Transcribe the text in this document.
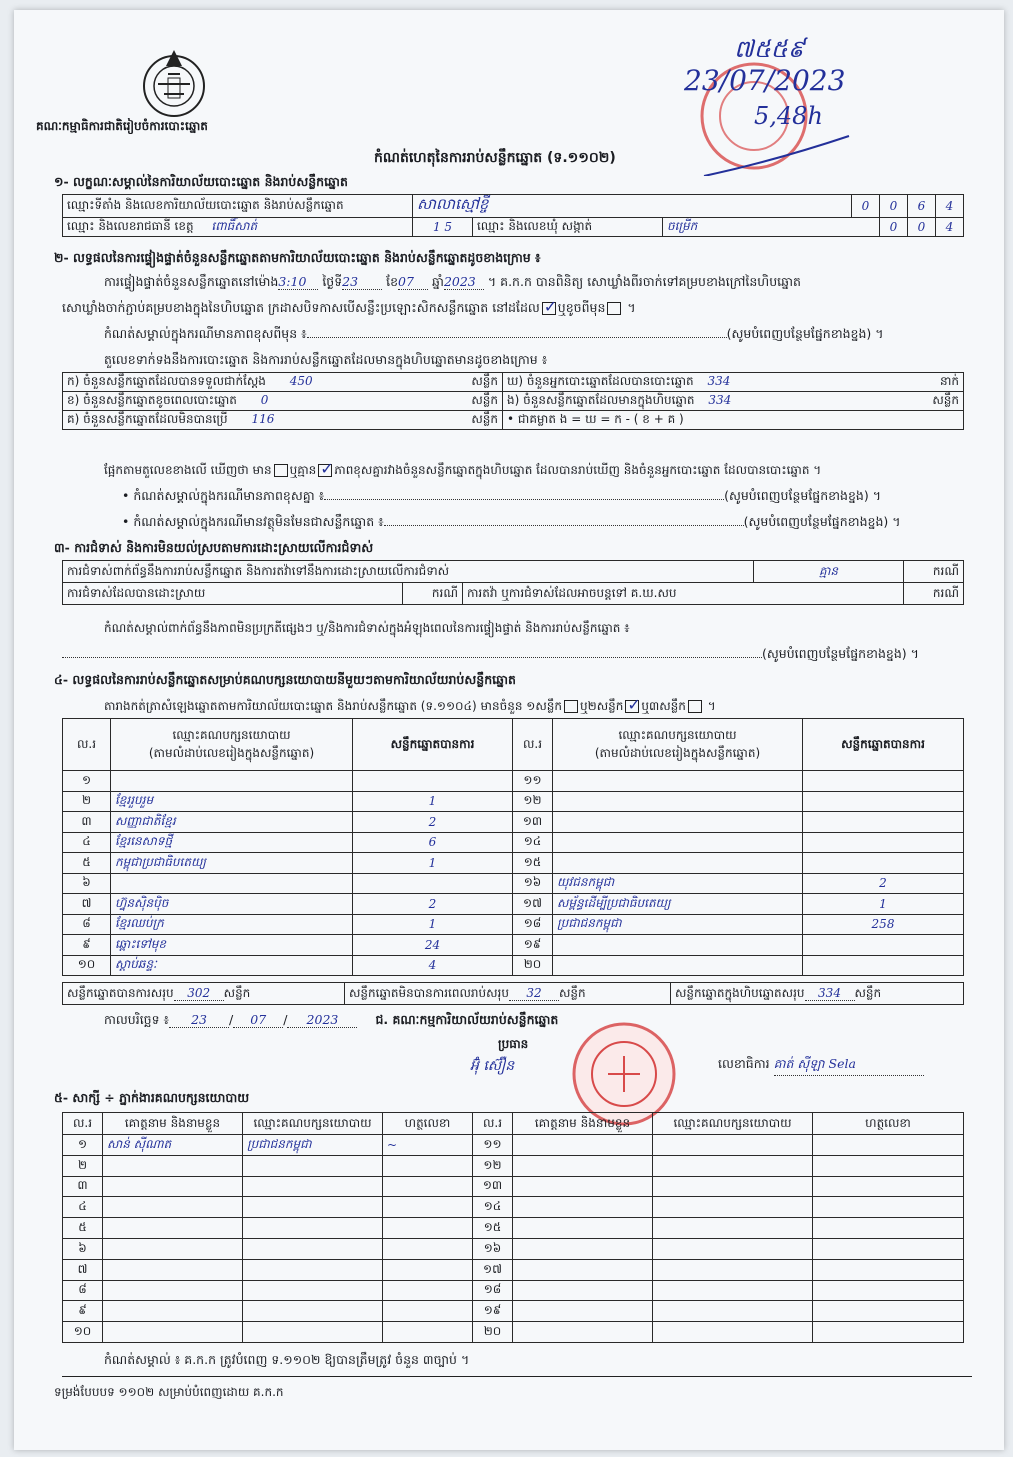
គណៈកម្មាធិការជាតិរៀបចំការបោះឆ្នោត
៧៥៥៩
23/07/2023
5,48h
កំណត់ហេតុនៃការរាប់សន្លឹកឆ្នោត (ទ.១១០២)
១- លក្ខណៈសម្គាល់នៃការិយាល័យបោះឆ្នោត និងរាប់សន្លឹកឆ្នោត
ឈ្មោះទីតាំង និងលេខការិយាល័យបោះឆ្នោត និងរាប់សន្លឹកឆ្នោត	សាលាស្មៅខ្ចី			0	0	6	4
ឈ្មោះ និងលេខរាជធានី ខេត្ត ពោធិ៍សាត់	1 5	ឈ្មោះ និងលេខឃុំ សង្កាត់	ចម្រើក		0	0	4
២- លទ្ធផលនៃការផ្ទៀងផ្ទាត់ចំនួនសន្លឹកឆ្នោតតាមការិយាល័យបោះឆ្នោត និងរាប់សន្លឹកឆ្នោតដូចខាងក្រោម ៖
ការផ្ទៀងផ្ទាត់ចំនួនសន្លឹកឆ្នោតនៅម៉ោង3:10 ថ្ងៃទី23 ខែ07 ឆ្នាំ2023 ។ គ.ក.ក បានពិនិត្យ សោឃ្លាំងពីរចាក់ទៅគម្របខាងក្រៅនៃហិបឆ្នោត
សោឃ្លាំងចាក់ភ្ជាប់គម្របខាងក្នុងនៃហិបឆ្នោត ក្រដាសបិទកាសបើសន្លឹះប្រឡោះសិកសន្លឹកឆ្នោត នៅដដែល ✓ ឬខូចពីមុន ។
កំណត់សម្គាល់ក្នុងករណីមានភាពខុសពីមុន ៖	(សូមបំពេញបន្ថែមផ្នែកខាងខ្នង) ។
តួលេខទាក់ទងនឹងការបោះឆ្នោត និងការរាប់សន្លឹកឆ្នោតដែលមានក្នុងហិបឆ្នោតមានដូចខាងក្រោម ៖
ក) ចំនួនសន្លឹកឆ្នោតដែលបានទទួលជាក់ស្តែង 450 សន្លឹក	ឃ) ចំនួនអ្នកបោះឆ្នោតដែលបានបោះឆ្នោត 334 នាក់

ខ) ចំនួនសន្លឹកឆ្នោតខូចពេលបោះឆ្នោត 0 សន្លឹក	ង) ចំនួនសន្លឹកឆ្នោតដែលមានក្នុងហិបឆ្នោត 334 សន្លឹក

គ) ចំនួនសន្លឹកឆ្នោតដែលមិនបានប្រើ 116 សន្លឹក	• ជាគម្លាត ង = ឃ = ក - ( ខ + គ )
ផ្អែកតាមតួលេខខាងលើ ឃើញថា មាន ឬគ្មាន ✓ ភាពខុសគ្នារវាងចំនួនសន្លឹកឆ្នោតក្នុងហិបឆ្នោត ដែលបានរាប់ឃើញ និងចំនួនអ្នកបោះឆ្នោត ដែលបានបោះឆ្នោត ។
• កំណត់សម្គាល់ក្នុងករណីមានភាពខុសគ្នា ៖	(សូមបំពេញបន្ថែមផ្នែកខាងខ្នង) ។
• កំណត់សម្គាល់ក្នុងករណីមានវត្ថុមិនមែនជាសន្លឹកឆ្នោត ៖	(សូមបំពេញបន្ថែមផ្នែកខាងខ្នង) ។
៣- ការជំទាស់ និងការមិនយល់ស្របតាមការដោះស្រាយលើការជំទាស់
ការជំទាស់ពាក់ព័ន្ធនឹងការរាប់សន្លឹកឆ្នោត និងការតវ៉ាទៅនឹងការដោះស្រាយលើការជំទាស់			គ្មាន	ករណី
ការជំទាស់ដែលបានដោះស្រាយ	ករណី	ការតវ៉ា ឬការជំទាស់ដែលអាចបន្តទៅ គ.ឃ.សប		ករណី
កំណត់សម្គាល់ពាក់ព័ន្ធនឹងភាពមិនប្រក្រតីផ្សេងៗ ឬ/និងការជំទាស់ក្នុងអំឡុងពេលនៃការផ្ទៀងផ្ទាត់ និងការរាប់សន្លឹកឆ្នោត ៖
(សូមបំពេញបន្ថែមផ្នែកខាងខ្នង) ។
៤- លទ្ធផលនៃការរាប់សន្លឹកឆ្នោតសម្រាប់គណបក្សនយោបាយនីមួយៗតាមការិយាល័យរាប់សន្លឹកឆ្នោត
តារាងកត់ត្រាសំឡេងឆ្នោតតាមការិយាល័យបោះឆ្នោត និងរាប់សន្លឹកឆ្នោត (ទ.១១០៤) មានចំនួន ១សន្លឹក ឬ២សន្លឹក ✓ ឬ៣សន្លឹក ។
ល.រ	ឈ្មោះគណបក្សនយោបាយ
(តាមលំដាប់លេខរៀងក្នុងសន្លឹកឆ្នោត)	សន្លឹកឆ្នោតបានការ	ល.រ	ឈ្មោះគណបក្សនយោបាយ
(តាមលំដាប់លេខរៀងក្នុងសន្លឹកឆ្នោត)	សន្លឹកឆ្នោតបានការ
១			១១		
២	ខ្មែររួបរួម	1	១២		
៣	សញ្ញាជាតិខ្មែរ	2	១៣		
៤	ខ្មែរនេសាទថ្មី	6	១៤		
៥	កម្ពុជាប្រជាធិបតេយ្យ	1	១៥		
៦			១៦	យុវជនកម្ពុជា	2
៧	ហ្វ៊ុនស៊ិនប៉ិច	2	១៧	សម្ព័ន្ធដើម្បីប្រជាធិបតេយ្យ	1
៨	ខ្មែរឈប់ក្រ	1	១៨	ប្រជាជនកម្ពុជា	258
៩	ឆ្ពោះទៅមុខ	24	១៩		
១០	ស្តាប់ឆន្ទៈ	4	២០		
សន្លឹកឆ្នោតបានការសរុប 302 សន្លឹក	សន្លឹកឆ្នោតមិនបានការពេលរាប់សរុប 32 សន្លឹក	សន្លឹកឆ្នោតក្នុងហិបឆ្នោតសរុប 334 សន្លឹក
កាលបរិច្ឆេទ ៖ 23 / 07 / 2023	ជ. គណៈកម្មការិយាល័យរាប់សន្លឹកឆ្នោត
ប្រធាន
អ៊ុំ ស៊ឿន	លេខាធិការ គាត់ ស៊ីឡា Sela
៥- សាក្សី ÷ ភ្នាក់ងារគណបក្សនយោបាយ
ល.រ	គោត្តនាម និងនាមខ្លួន	ឈ្មោះគណបក្សនយោបាយ	ហត្ថលេខា	ល.រ	គោត្តនាម និងនាមខ្លួន	ឈ្មោះគណបក្សនយោបាយ	ហត្ថលេខា
១	សាន់ ស៊ីណាត	ប្រជាជនកម្ពុជា	~	១១			
២				១២			
៣				១៣			
៤				១៤			
៥				១៥			
៦				១៦			
៧				១៧			
៨				១៨			
៩				១៩			
១០				២០			
កំណត់សម្គាល់ ៖ គ.ក.ក ត្រូវបំពេញ ទ.១១០២ ឱ្យបានត្រឹមត្រូវ ចំនួន ៣ច្បាប់ ។
ទម្រង់បែបបទ ១១០២ សម្រាប់បំពេញដោយ គ.ក.ក
